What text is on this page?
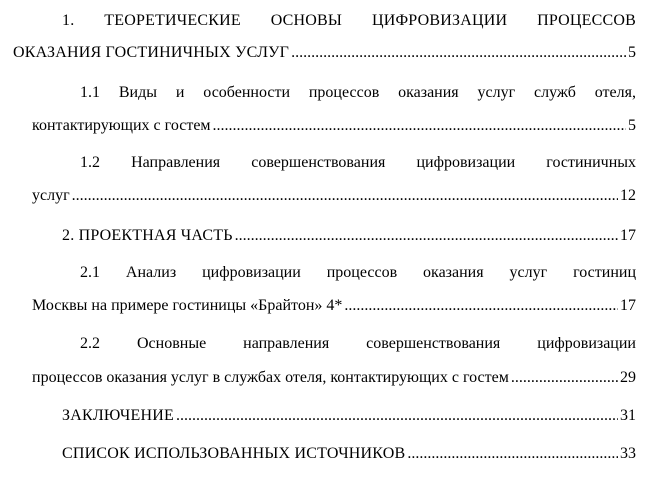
1. ТЕОРЕТИЧЕСКИЕ ОСНОВЫ ЦИФРОВИЗАЦИИ ПРОЦЕССОВ
ОКАЗАНИЯ ГОСТИНИЧНЫХ УСЛУГ .....	5
1.1 Виды и особенности процессов оказания услуг служб отеля,
контактирующих с гостем .....	5
1.2 Направления совершенствования цифровизации гостиничных
услуг .....	12
2. ПРОЕКТНАЯ ЧАСТЬ .....	17
2.1 Анализ цифровизации процессов оказания услуг гостиниц
Москвы на примере гостиницы «Брайтон» 4* .....	17
2.2 Основные направления совершенствования цифровизации
процессов оказания услуг в службах отеля, контактирующих с гостем .....	29
ЗАКЛЮЧЕНИЕ .....	31
СПИСОК ИСПОЛЬЗОВАННЫХ ИСТОЧНИКОВ .....	33
